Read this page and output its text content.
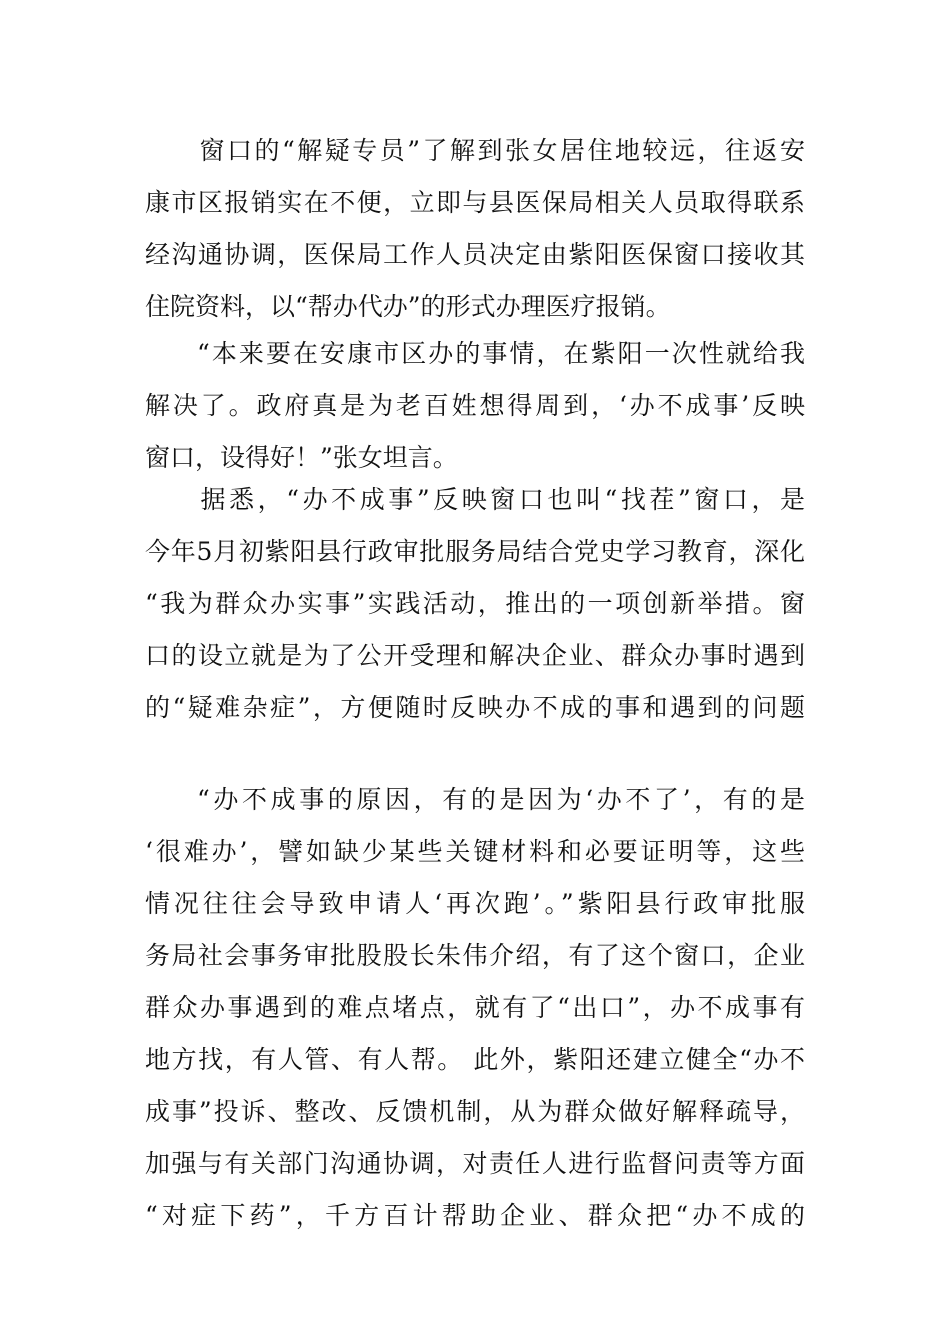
窗口的“解疑专员”了解到张女居住地较远，往返安
康市区报销实在不便，立即与县医保局相关人员取得联系
经沟通协调，医保局工作人员决定由紫阳医保窗口接收其
住院资料，以“帮办代办”的形式办理医疗报销。
“本来要在安康市区办的事情，在紫阳一次性就给我
解决了。政府真是为老百姓想得周到，‘办不成事’反映
窗口，设得好！”张女坦言。
据悉，“办不成事”反映窗口也叫“找茬”窗口，是
今年5月初紫阳县行政审批服务局结合党史学习教育，深化
“我为群众办实事”实践活动，推出的一项创新举措。窗
口的设立就是为了公开受理和解决企业、群众办事时遇到
的“疑难杂症”，方便随时反映办不成的事和遇到的问题
“办不成事的原因，有的是因为‘办不了’，有的是
‘很难办’，譬如缺少某些关键材料和必要证明等，这些
情况往往会导致申请人‘再次跑’。”紫阳县行政审批服
务局社会事务审批股股长朱伟介绍，有了这个窗口，企业
群众办事遇到的难点堵点，就有了“出口”，办不成事有
地方找，有人管、有人帮。 此外，紫阳还建立健全“办不
成事”投诉、整改、反馈机制，从为群众做好解释疏导，
加强与有关部门沟通协调，对责任人进行监督问责等方面
“对症下药”，千方百计帮助企业、群众把“办不成的
